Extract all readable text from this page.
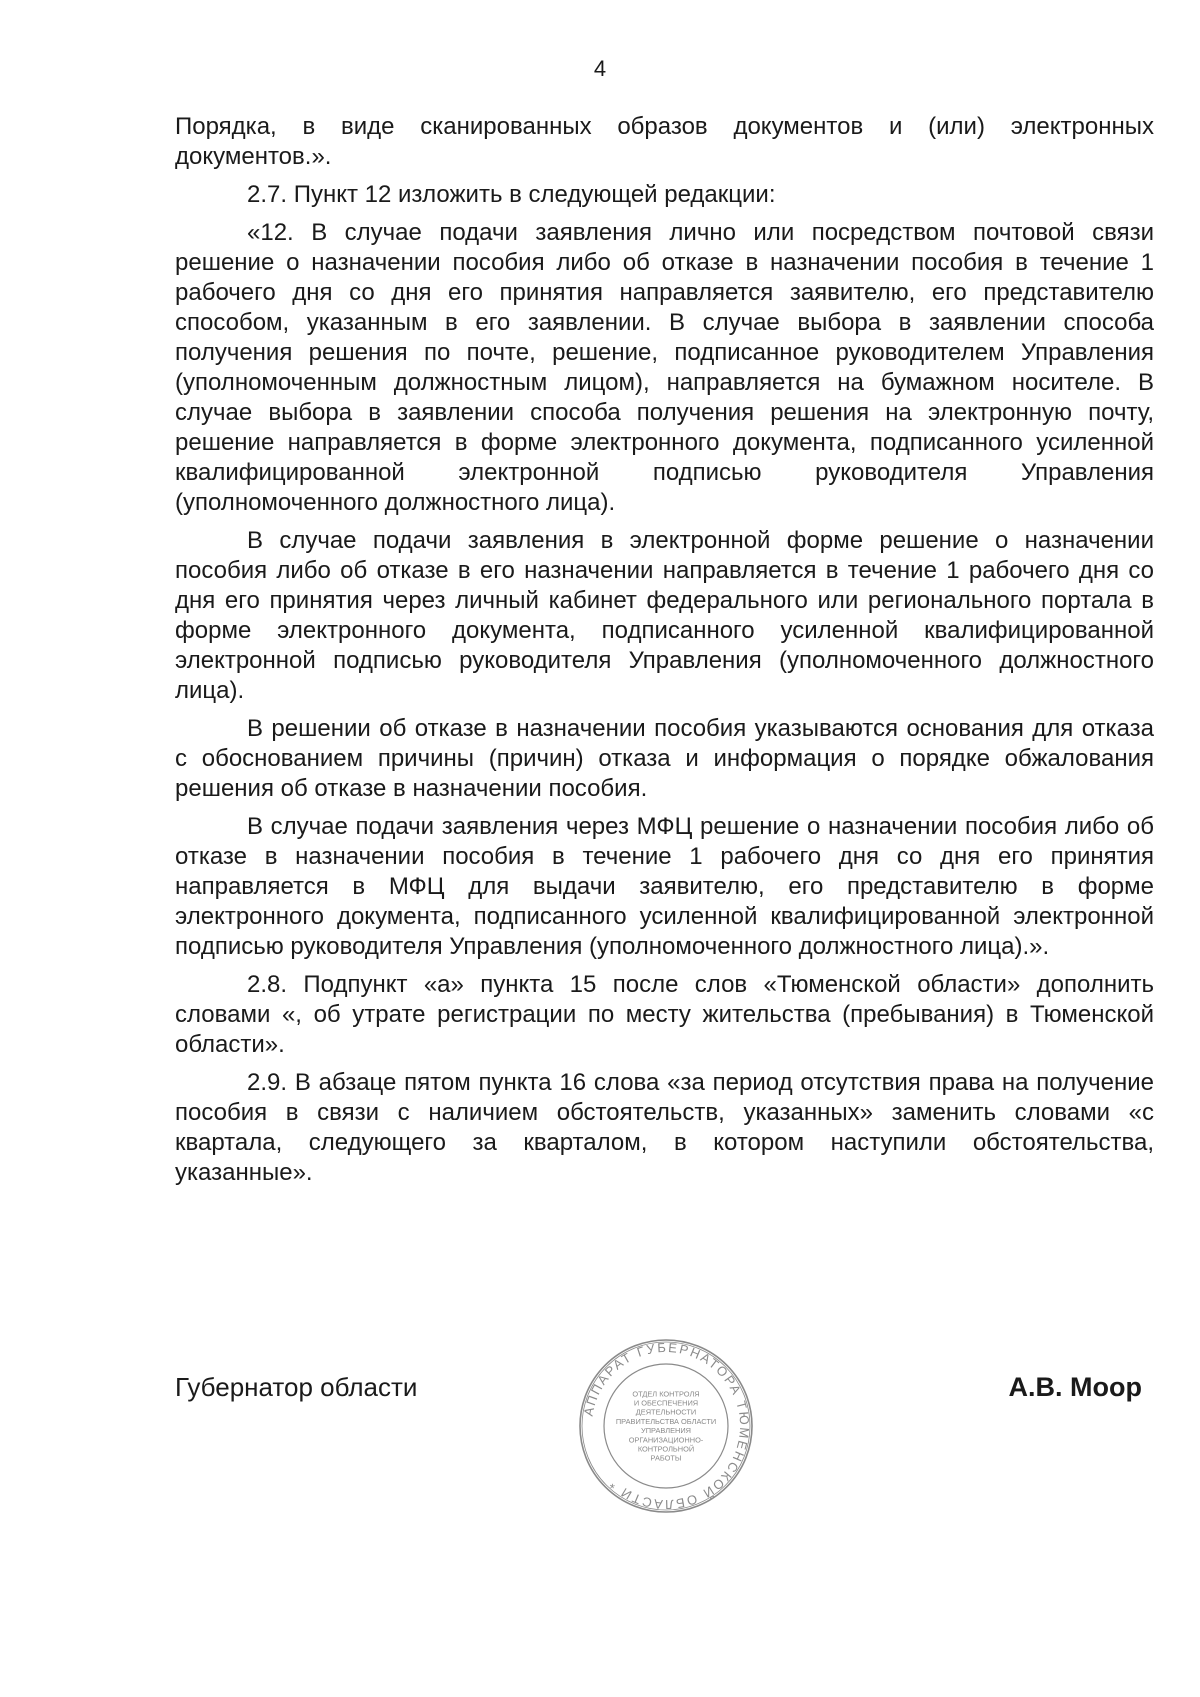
4

Порядка, в виде сканированных образов документов и (или) электронных документов.».

2.7. Пункт 12 изложить в следующей редакции:

«12. В случае подачи заявления лично или посредством почтовой связи решение о назначении пособия либо об отказе в назначении пособия в течение 1 рабочего дня со дня его принятия направляется заявителю, его представителю способом, указанным в его заявлении. В случае выбора в заявлении способа получения решения по почте, решение, подписанное руководителем Управления (уполномоченным должностным лицом), направляется на бумажном носителе. В случае выбора в заявлении способа получения решения на электронную почту, решение направляется в форме электронного документа, подписанного усиленной квалифицированной электронной подписью руководителя Управления (уполномоченного должностного лица).

В случае подачи заявления в электронной форме решение о назначении пособия либо об отказе в его назначении направляется в течение 1 рабочего дня со дня его принятия через личный кабинет федерального или регионального портала в форме электронного документа, подписанного усиленной квалифицированной электронной подписью руководителя Управления (уполномоченного должностного лица).

В решении об отказе в назначении пособия указываются основания для отказа с обоснованием причины (причин) отказа и информация о порядке обжалования решения об отказе в назначении пособия.

В случае подачи заявления через МФЦ решение о назначении пособия либо об отказе в назначении пособия в течение 1 рабочего дня со дня его принятия направляется в МФЦ для выдачи заявителю, его представителю в форме электронного документа, подписанного усиленной квалифицированной электронной подписью руководителя Управления (уполномоченного должностного лица).».

2.8. Подпункт «а» пункта 15 после слов «Тюменской области» дополнить словами «, об утрате регистрации по месту жительства (пребывания) в Тюменской области».

2.9. В абзаце пятом пункта 16 слова «за период отсутствия права на получение пособия в связи с наличием обстоятельств, указанных» заменить словами «с квартала, следующего за кварталом, в котором наступили обстоятельства, указанные».

Губернатор области	А.В. Моор
АППАРАТ ГУБЕРНАТОРА ТЮМЕНСКОЙ ОБЛАСТИ *
ОТДЕЛ КОНТРОЛЯ
И ОБЕСПЕЧЕНИЯ
ДЕЯТЕЛЬНОСТИ
ПРАВИТЕЛЬСТВА ОБЛАСТИ
УПРАВЛЕНИЯ
ОРГАНИЗАЦИОННО-
КОНТРОЛЬНОЙ
РАБОТЫ
